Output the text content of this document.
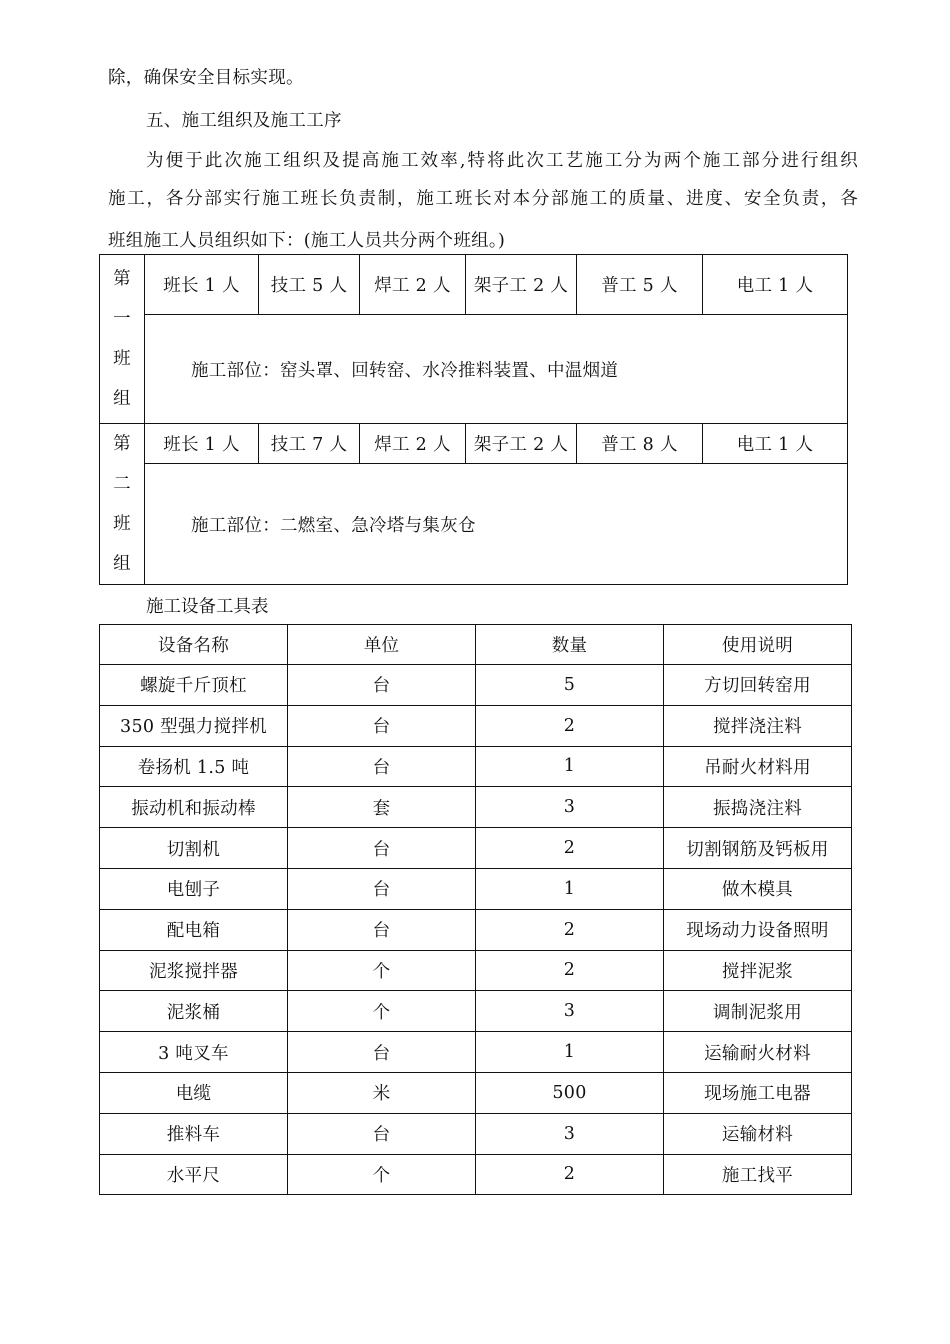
除，确保安全目标实现。
五、施工组织及施工工序
为便于此次施工组织及提高施工效率,特将此次工艺施工分为两个施工部分进行组织
施工，各分部实行施工班长负责制，施工班长对本分部施工的质量、进度、安全负责，各
班组施工人员组织如下：(施工人员共分两个班组。)
第
一
班
组	班长 1 人	技工 5 人	焊工 2 人	架子工 2 人	普工 5 人	电工 1 人
	施工部位：窑头罩、回转窑、水冷推料装置、中温烟道					

第
二
班
组	班长 1 人	技工 7 人	焊工 2 人	架子工 2 人	普工 8 人	电工 1 人
	施工部位：二燃室、急冷塔与集灰仓					
施工设备工具表
设备名称	单位	数量	使用说明
螺旋千斤顶杠	台	5	方切回转窑用
350 型强力搅拌机	台	2	搅拌浇注料
卷扬机 1.5 吨	台	1	吊耐火材料用
振动机和振动棒	套	3	振捣浇注料
切割机	台	2	切割钢筋及钙板用
电刨子	台	1	做木模具
配电箱	台	2	现场动力设备照明
泥浆搅拌器	个	2	搅拌泥浆
泥浆桶	个	3	调制泥浆用
3 吨叉车	台	1	运输耐火材料
电缆	米	500	现场施工电器
推料车	台	3	运输材料
水平尺	个	2	施工找平
